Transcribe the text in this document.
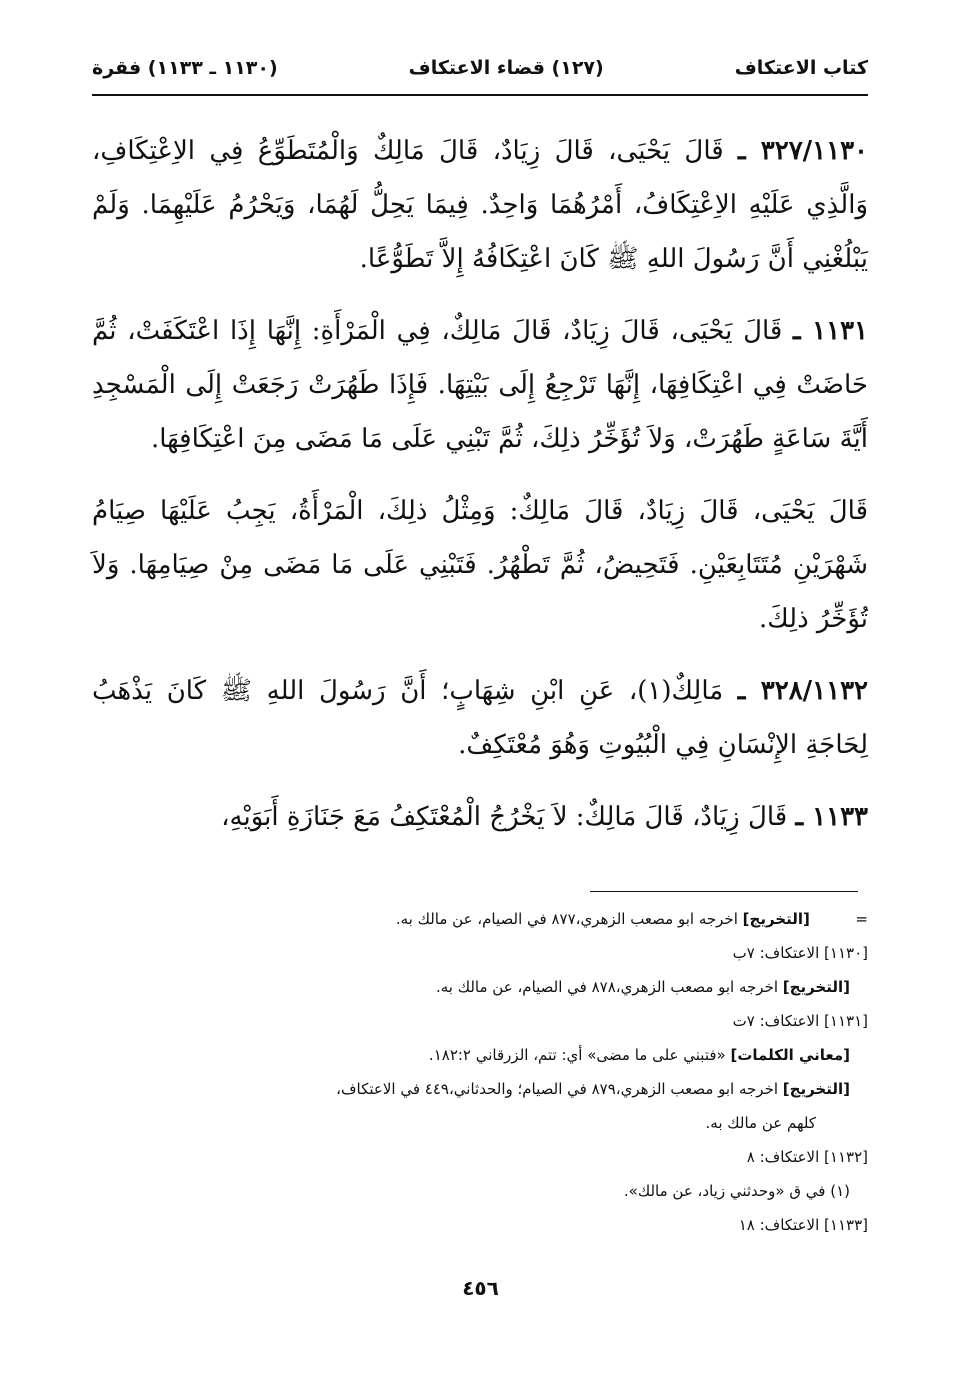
كتاب الاعتكاف
(١٢٧) قضاء الاعتكاف
(١١٣٠ ـ ١١٣٣) فقرة

٣٢٧/١١٣٠ ـ قَالَ يَحْيَى، قَالَ زِيَادٌ، قَالَ مَالِكٌ وَالْمُتَطَوِّعُ فِي الاِعْتِكَافِ، وَالَّذِي عَلَيْهِ الاِعْتِكَافُ، أَمْرُهُمَا وَاحِدٌ. فِيمَا يَحِلُّ لَهُمَا، وَيَحْرُمُ عَلَيْهِمَا. وَلَمْ يَبْلُغْنِي أَنَّ رَسُولَ اللهِ ﷺ كَانَ اعْتِكَافُهُ إِلاَّ تَطَوُّعًا.

١١٣١ ـ قَالَ يَحْيَى، قَالَ زِيَادٌ، قَالَ مَالِكٌ، فِي الْمَرْأَةِ: إِنَّهَا إِذَا اعْتَكَفَتْ، ثُمَّ حَاضَتْ فِي اعْتِكَافِهَا، إِنَّهَا تَرْجِعُ إِلَى بَيْتِهَا. فَإِذَا طَهُرَتْ رَجَعَتْ إِلَى الْمَسْجِدِ أَيَّةَ سَاعَةٍ طَهُرَتْ، وَلاَ تُؤَخِّرُ ذلِكَ، ثُمَّ تَبْنِي عَلَى مَا مَضَى مِنَ اعْتِكَافِهَا.

قَالَ يَحْيَى، قَالَ زِيَادٌ، قَالَ مَالِكٌ: وَمِثْلُ ذلِكَ، الْمَرْأَةُ، يَجِبُ عَلَيْهَا صِيَامُ شَهْرَيْنِ مُتَتَابِعَيْنِ. فَتَحِيضُ، ثُمَّ تَطْهُرُ. فَتَبْنِي عَلَى مَا مَضَى مِنْ صِيَامِهَا. وَلاَ تُؤَخِّرُ ذلِكَ.

٣٢٨/١١٣٢ ـ مَالِكٌ(١)، عَنِ ابْنِ شِهَابٍ؛ أَنَّ رَسُولَ اللهِ ﷺ كَانَ يَذْهَبُ لِحَاجَةِ الإِنْسَانِ فِي الْبُيُوتِ وَهُوَ مُعْتَكِفٌ.

١١٣٣ ـ قَالَ زِيَادٌ، قَالَ مَالِكٌ: لاَ يَخْرُجُ الْمُعْتَكِفُ مَعَ جَنَازَةِ أَبَوَيْهِ،

=  [التخريج] اخرجه ابو مصعب الزهري،٨٧٧ في الصيام، عن مالك به.
[١١٣٠] الاعتكاف: ٧ب
[التخريج] اخرجه ابو مصعب الزهري،٨٧٨ في الصيام، عن مالك به.
[١١٣١] الاعتكاف: ٧ت
[معاني الكلمات] «فتبني على ما مضى» أي: تتم، الزرقاني ١٨٢:٢.
[التخريج] اخرجه ابو مصعب الزهري،٨٧٩ في الصيام؛ والحدثاني،٤٤٩ في الاعتكاف،
كلهم عن مالك به.
[١١٣٢] الاعتكاف: ٨
(١) في ق «وحدثني زياد، عن مالك».
[١١٣٣] الاعتكاف: ١٨
٤٥٦
